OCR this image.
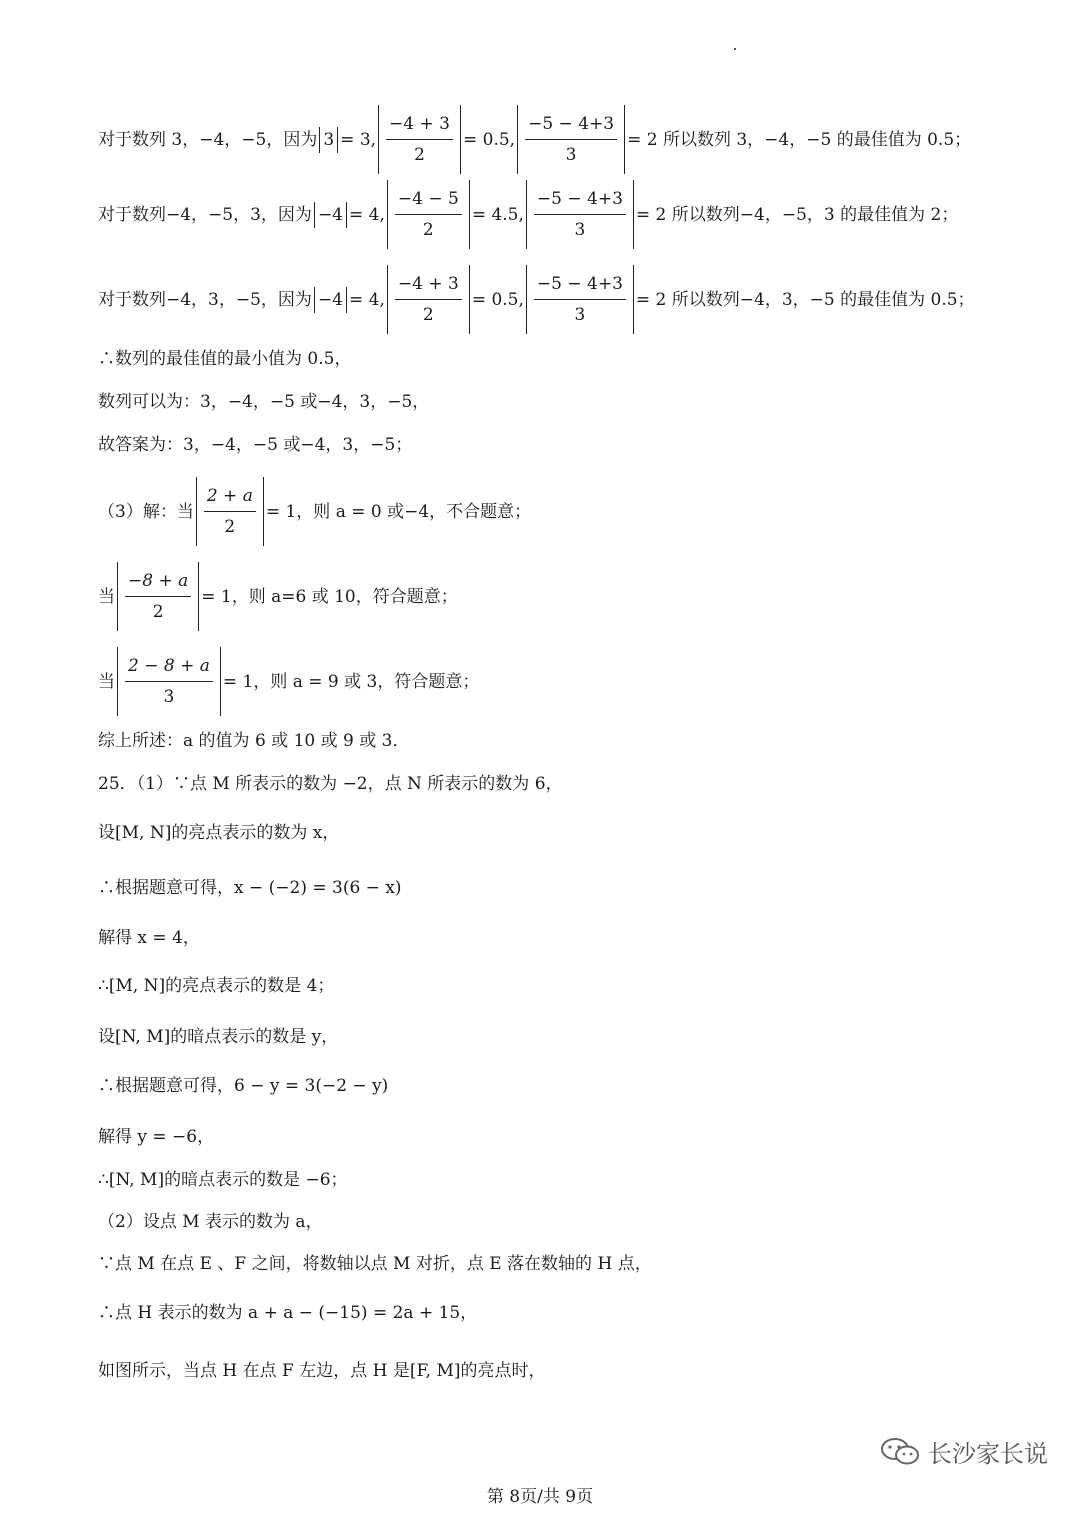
对于数列 3，−4，−5，因为 3= 3, $\frac{-4 + 3}{2} = 0.5$, $\frac{-5 - 4+3}{3} = 2$ 所以数列 3，−4，−5 的最佳值为 0.5；
对于数列−4，−5，3，因为 −4= 4, $\frac{-4 - 5}{2} = 4.5$, $\frac{-5 - 4+3}{3} = 2$ 所以数列−4，−5，3 的最佳值为 2；
对于数列−4，3，−5，因为 −4= 4, $\frac{-4 + 3}{2} = 0.5$, $\frac{-5 - 4+3}{3} = 2$ 所以数列−4，3，−5 的最佳值为 0.5；
∴数列的最佳值的最小值为 0.5，
数列可以为：3，−4，−5 或−4，3，−5，
故答案为：3，−4，−5 或−4，3，−5；
（3）解：当 $\frac{2 + a}{2} = 1$，则 a = 0 或−4，不合题意；
当 $\frac{-8 + a}{2} = 1$，则 a=6 或 10，符合题意；
当 $\frac{2 - 8 + a}{3} = 1$，则 a = 9 或 3，符合题意；
综上所述：a 的值为 6 或 10 或 9 或 3．
25．（1）∵点 M 所表示的数为 −2，点 N 所表示的数为 6，
设[M, N]的亮点表示的数为 x，
∴根据题意可得，x − (−2) = 3(6 − x)
解得 x = 4，
∴[M, N]的亮点表示的数是 4；
设[N, M]的暗点表示的数是 y，
∴根据题意可得，6 − y = 3(−2 − y)
解得 y = −6，
∴[N, M]的暗点表示的数是 −6；
（2）设点 M 表示的数为 a，
∵点 M 在点 E 、F 之间，将数轴以点 M 对折，点 E 落在数轴的 H 点，
∴点 H 表示的数为 a + a − (−15) = 2a + 15，
如图所示，当点 H 在点 F 左边，点 H 是[F, M]的亮点时，
长沙家长说
第 8页/共 9页
